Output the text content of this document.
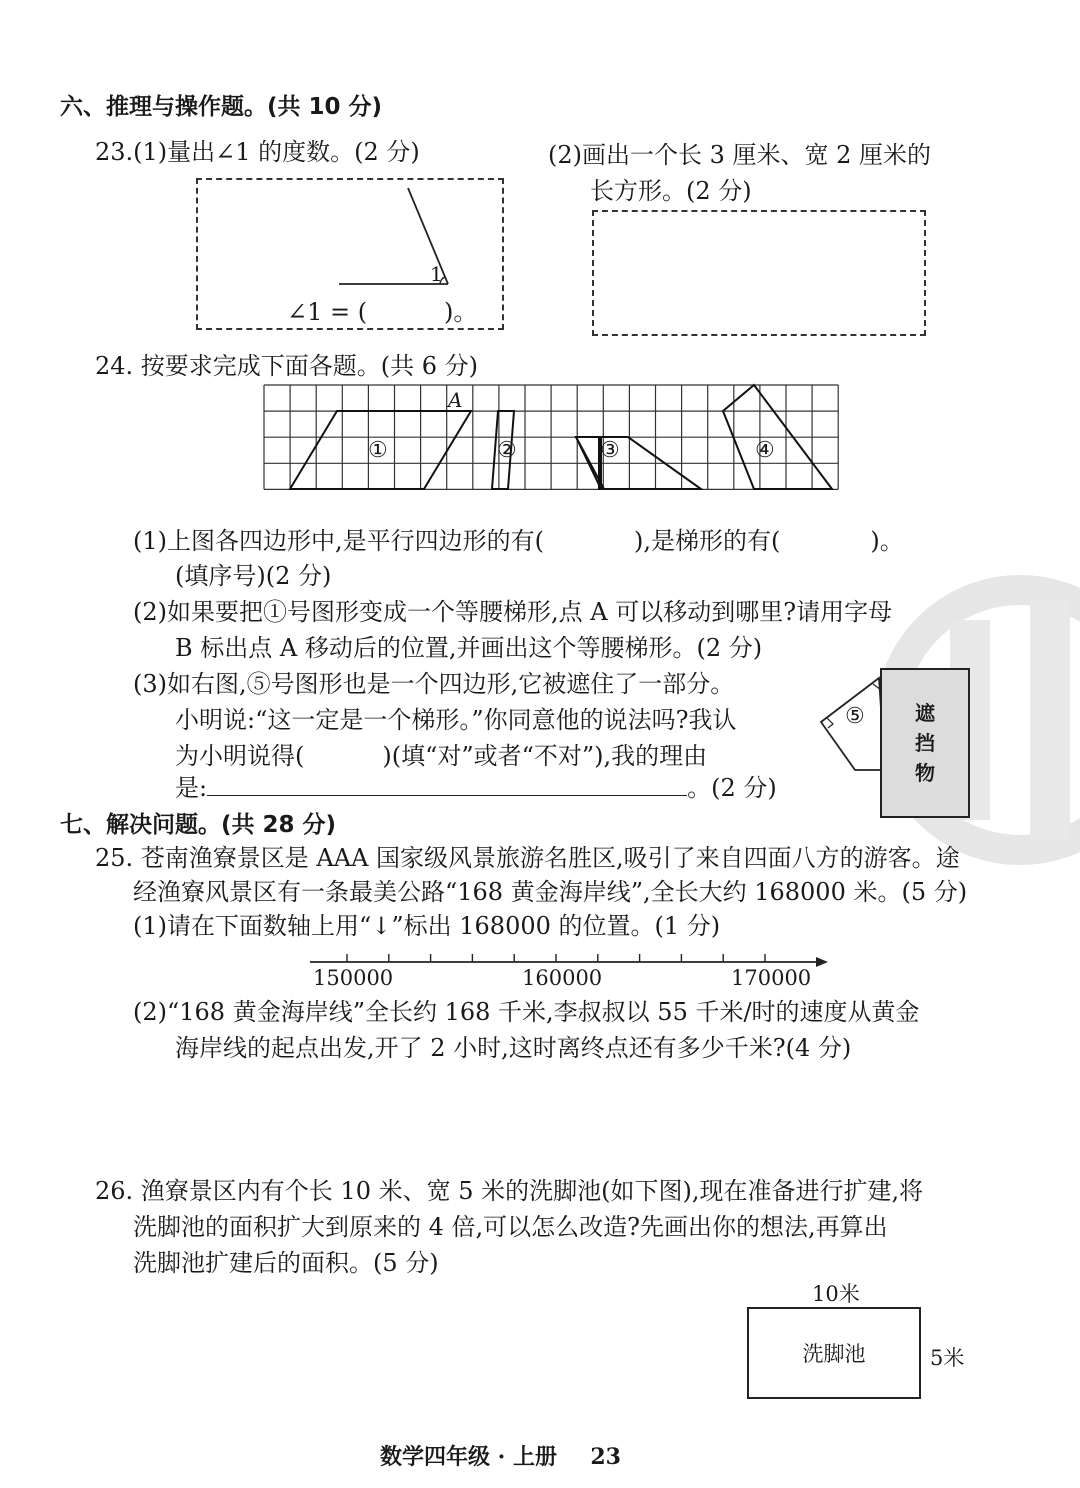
六、推理与操作题。(共 10 分)
23.(1)量出∠1 的度数。(2 分)
1
∠1 = (	)。
(2)画出一个长 3 厘米、宽 2 厘米的
长方形。(2 分)
24. 按要求完成下面各题。(共 6 分)
A
①	②	③	④
(1)上图各四边形中,是平行四边形的有(	),是梯形的有(	)。
(填序号)(2 分)
(2)如果要把①号图形变成一个等腰梯形,点 A 可以移动到哪里?请用字母
B 标出点 A 移动后的位置,并画出这个等腰梯形。(2 分)
(3)如右图,⑤号图形也是一个四边形,它被遮住了一部分。
小明说:“这一定是一个梯形。”你同意他的说法吗?我认
为小明说得(	)(填“对”或者“不对”),我的理由
是:	。(2 分)
⑤	遮
挡
物
七、解决问题。(共 28 分)
25. 苍南渔寮景区是 AAA 国家级风景旅游名胜区,吸引了来自四面八方的游客。途
经渔寮风景区有一条最美公路“168 黄金海岸线”,全长大约 168000 米。(5 分)
(1)请在下面数轴上用“↓”标出 168000 的位置。(1 分)
150000	160000	170000
(2)“168 黄金海岸线”全长约 168 千米,李叔叔以 55 千米/时的速度从黄金
海岸线的起点出发,开了 2 小时,这时离终点还有多少千米?(4 分)
26. 渔寮景区内有个长 10 米、宽 5 米的洗脚池(如下图),现在准备进行扩建,将
洗脚池的面积扩大到原来的 4 倍,可以怎么改造?先画出你的想法,再算出
洗脚池扩建后的面积。(5 分)
10米
洗脚池	5米
数学四年级 · 上册 23
